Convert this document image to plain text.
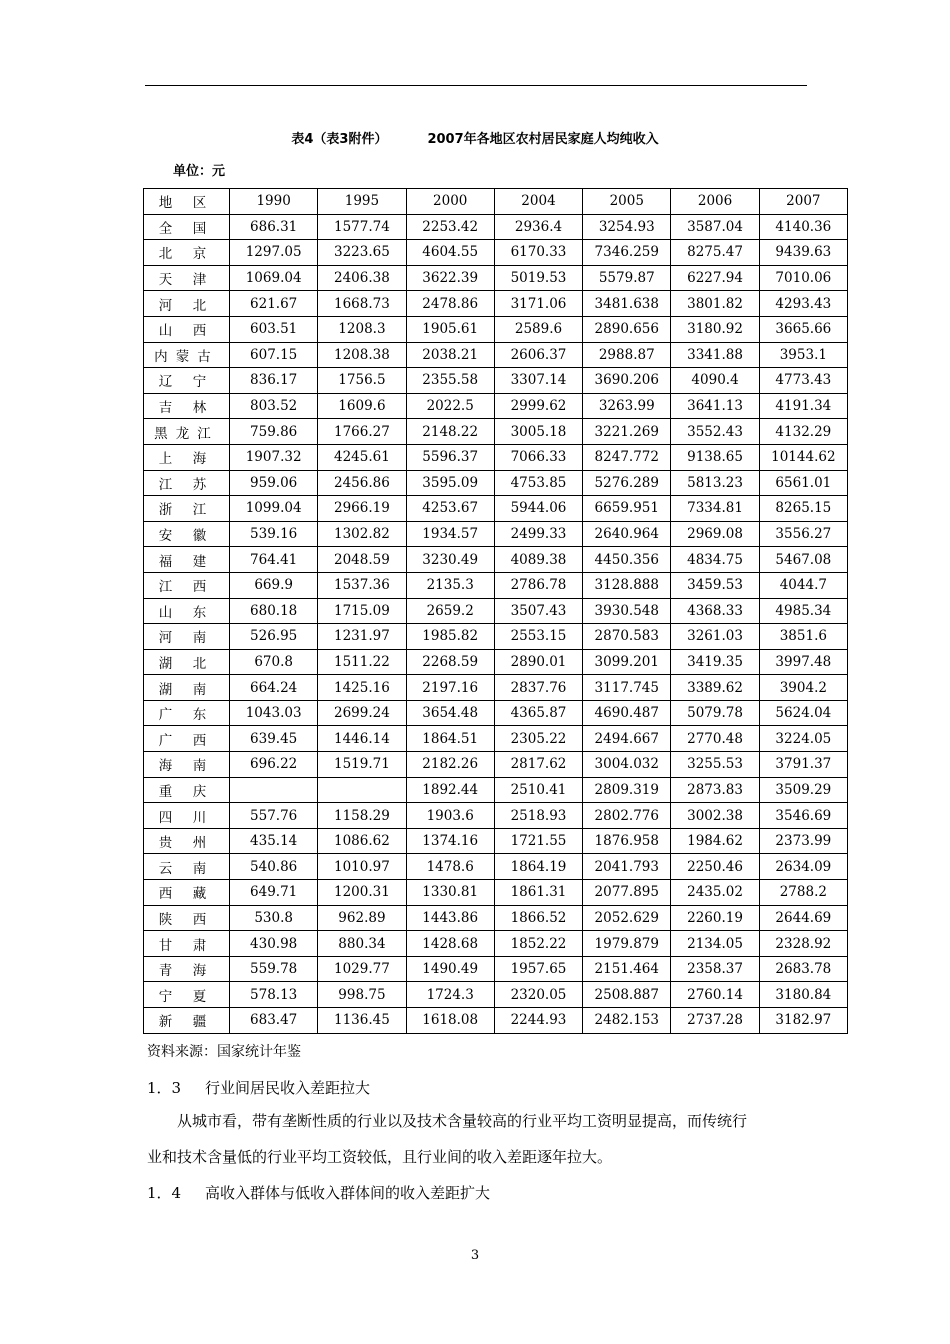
表4（表3附件）	2007年各地区农村居民家庭人均纯收入
单位：元
地 区	1990	1995	2000	2004	2005	2006	2007
全 国	686.31	1577.74	2253.42	2936.4	3254.93	3587.04	4140.36
北 京	1297.05	3223.65	4604.55	6170.33	7346.259	8275.47	9439.63
天 津	1069.04	2406.38	3622.39	5019.53	5579.87	6227.94	7010.06
河 北	621.67	1668.73	2478.86	3171.06	3481.638	3801.82	4293.43
山 西	603.51	1208.3	1905.61	2589.6	2890.656	3180.92	3665.66
内蒙古	607.15	1208.38	2038.21	2606.37	2988.87	3341.88	3953.1
辽 宁	836.17	1756.5	2355.58	3307.14	3690.206	4090.4	4773.43
吉 林	803.52	1609.6	2022.5	2999.62	3263.99	3641.13	4191.34
黑龙江	759.86	1766.27	2148.22	3005.18	3221.269	3552.43	4132.29
上 海	1907.32	4245.61	5596.37	7066.33	8247.772	9138.65	10144.62
江 苏	959.06	2456.86	3595.09	4753.85	5276.289	5813.23	6561.01
浙 江	1099.04	2966.19	4253.67	5944.06	6659.951	7334.81	8265.15
安 徽	539.16	1302.82	1934.57	2499.33	2640.964	2969.08	3556.27
福 建	764.41	2048.59	3230.49	4089.38	4450.356	4834.75	5467.08
江 西	669.9	1537.36	2135.3	2786.78	3128.888	3459.53	4044.7
山 东	680.18	1715.09	2659.2	3507.43	3930.548	4368.33	4985.34
河 南	526.95	1231.97	1985.82	2553.15	2870.583	3261.03	3851.6
湖 北	670.8	1511.22	2268.59	2890.01	3099.201	3419.35	3997.48
湖 南	664.24	1425.16	2197.16	2837.76	3117.745	3389.62	3904.2
广 东	1043.03	2699.24	3654.48	4365.87	4690.487	5079.78	5624.04
广 西	639.45	1446.14	1864.51	2305.22	2494.667	2770.48	3224.05
海 南	696.22	1519.71	2182.26	2817.62	3004.032	3255.53	3791.37
重 庆			1892.44	2510.41	2809.319	2873.83	3509.29
四 川	557.76	1158.29	1903.6	2518.93	2802.776	3002.38	3546.69
贵 州	435.14	1086.62	1374.16	1721.55	1876.958	1984.62	2373.99
云 南	540.86	1010.97	1478.6	1864.19	2041.793	2250.46	2634.09
西 藏	649.71	1200.31	1330.81	1861.31	2077.895	2435.02	2788.2
陕 西	530.8	962.89	1443.86	1866.52	2052.629	2260.19	2644.69
甘 肃	430.98	880.34	1428.68	1852.22	1979.879	2134.05	2328.92
青 海	559.78	1029.77	1490.49	1957.65	2151.464	2358.37	2683.78
宁 夏	578.13	998.75	1724.3	2320.05	2508.887	2760.14	3180.84
新 疆	683.47	1136.45	1618.08	2244.93	2482.153	2737.28	3182.97
资料来源：国家统计年鉴
1．3 行业间居民收入差距拉大
从城市看，带有垄断性质的行业以及技术含量较高的行业平均工资明显提高，而传统行
业和技术含量低的行业平均工资较低，且行业间的收入差距逐年拉大。
1．4 高收入群体与低收入群体间的收入差距扩大
3
